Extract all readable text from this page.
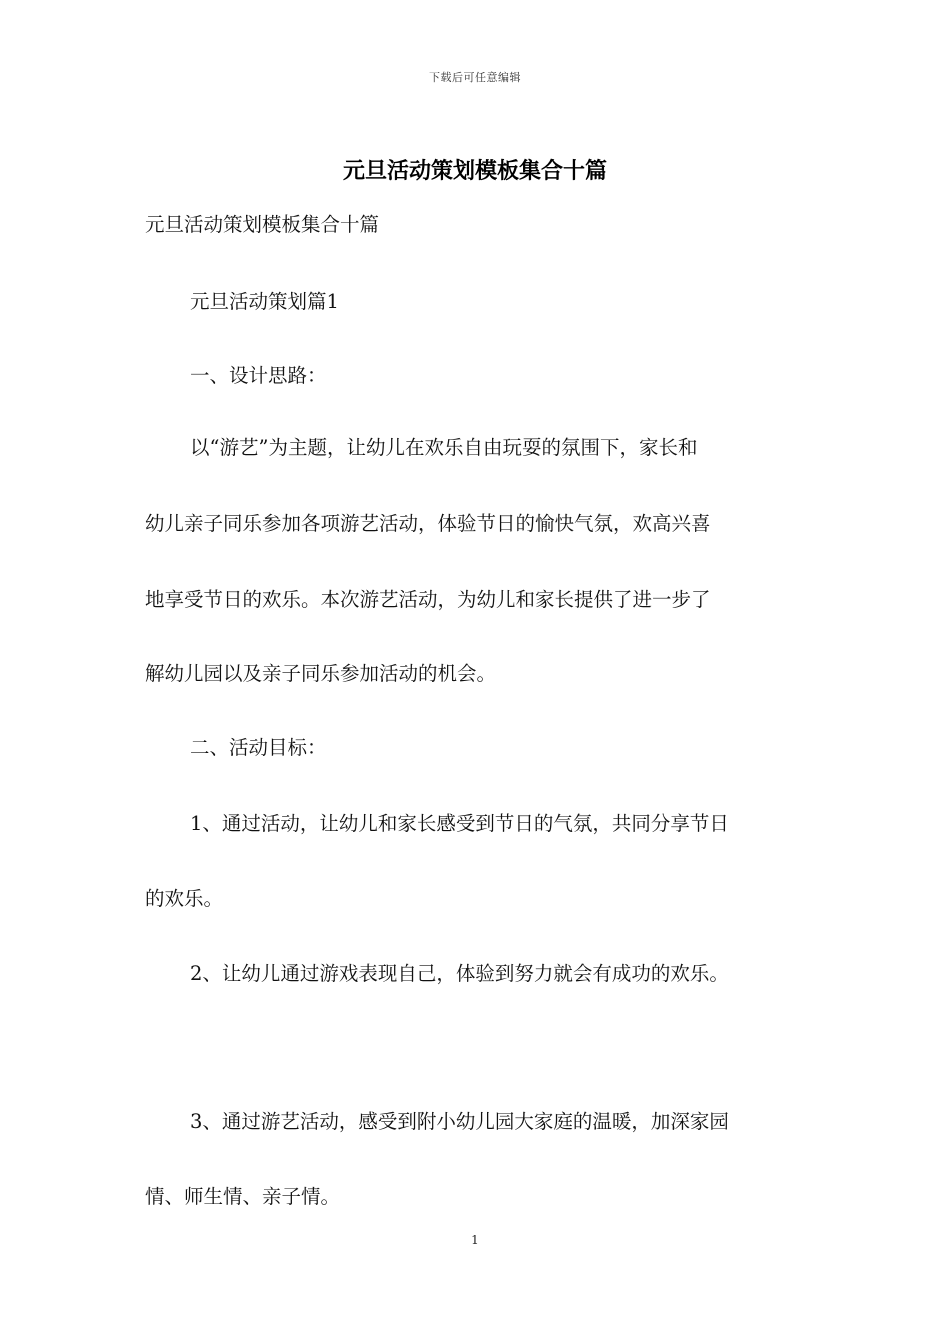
下载后可任意编辑
元旦活动策划模板集合十篇

元旦活动策划模板集合十篇

元旦活动策划篇1

一、设计思路：

以“游艺”为主题，让幼儿在欢乐自由玩耍的氛围下，家长和

幼儿亲子同乐参加各项游艺活动，体验节日的愉快气氛，欢高兴喜

地享受节日的欢乐。本次游艺活动，为幼儿和家长提供了进一步了

解幼儿园以及亲子同乐参加活动的机会。

二、活动目标：

1、通过活动，让幼儿和家长感受到节日的气氛，共同分享节日

的欢乐。

2、让幼儿通过游戏表现自己，体验到努力就会有成功的欢乐。

3、通过游艺活动，感受到附小幼儿园大家庭的温暖，加深家园

情、师生情、亲子情。

1
